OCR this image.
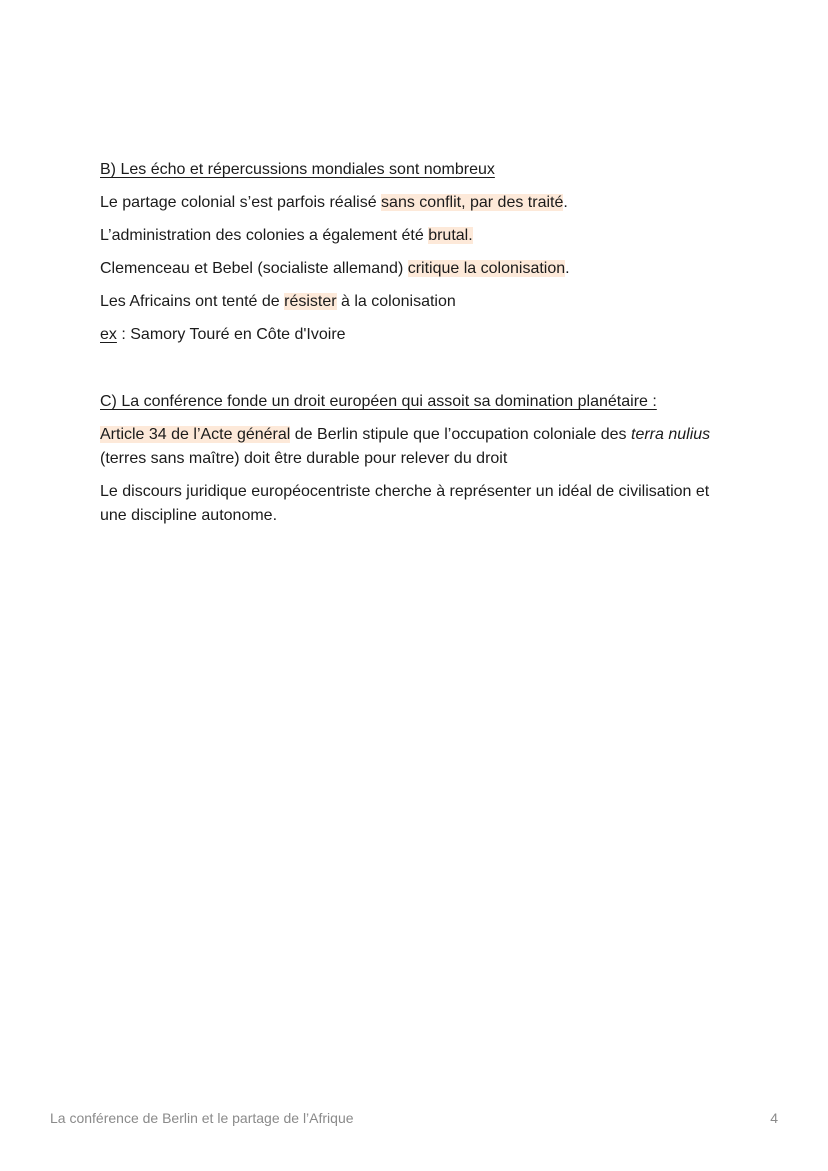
B) Les écho et répercussions mondiales sont nombreux
Le partage colonial s’est parfois réalisé sans conflit, par des traité.
L’administration des colonies a également été brutal.
Clemenceau et Bebel (socialiste allemand) critique la colonisation.
Les Africains ont tenté de résister à la colonisation
ex : Samory Touré en Côte d'Ivoire
C) La conférence fonde un droit européen qui assoit sa domination planétaire :
Article 34 de l’Acte général de Berlin stipule que l’occupation coloniale des terra nulius (terres sans maître) doit être durable pour relever du droit
Le discours juridique européocentriste cherche à représenter un idéal de civilisation et une discipline autonome.
La conférence de Berlin et le partage de l’Afrique	4
